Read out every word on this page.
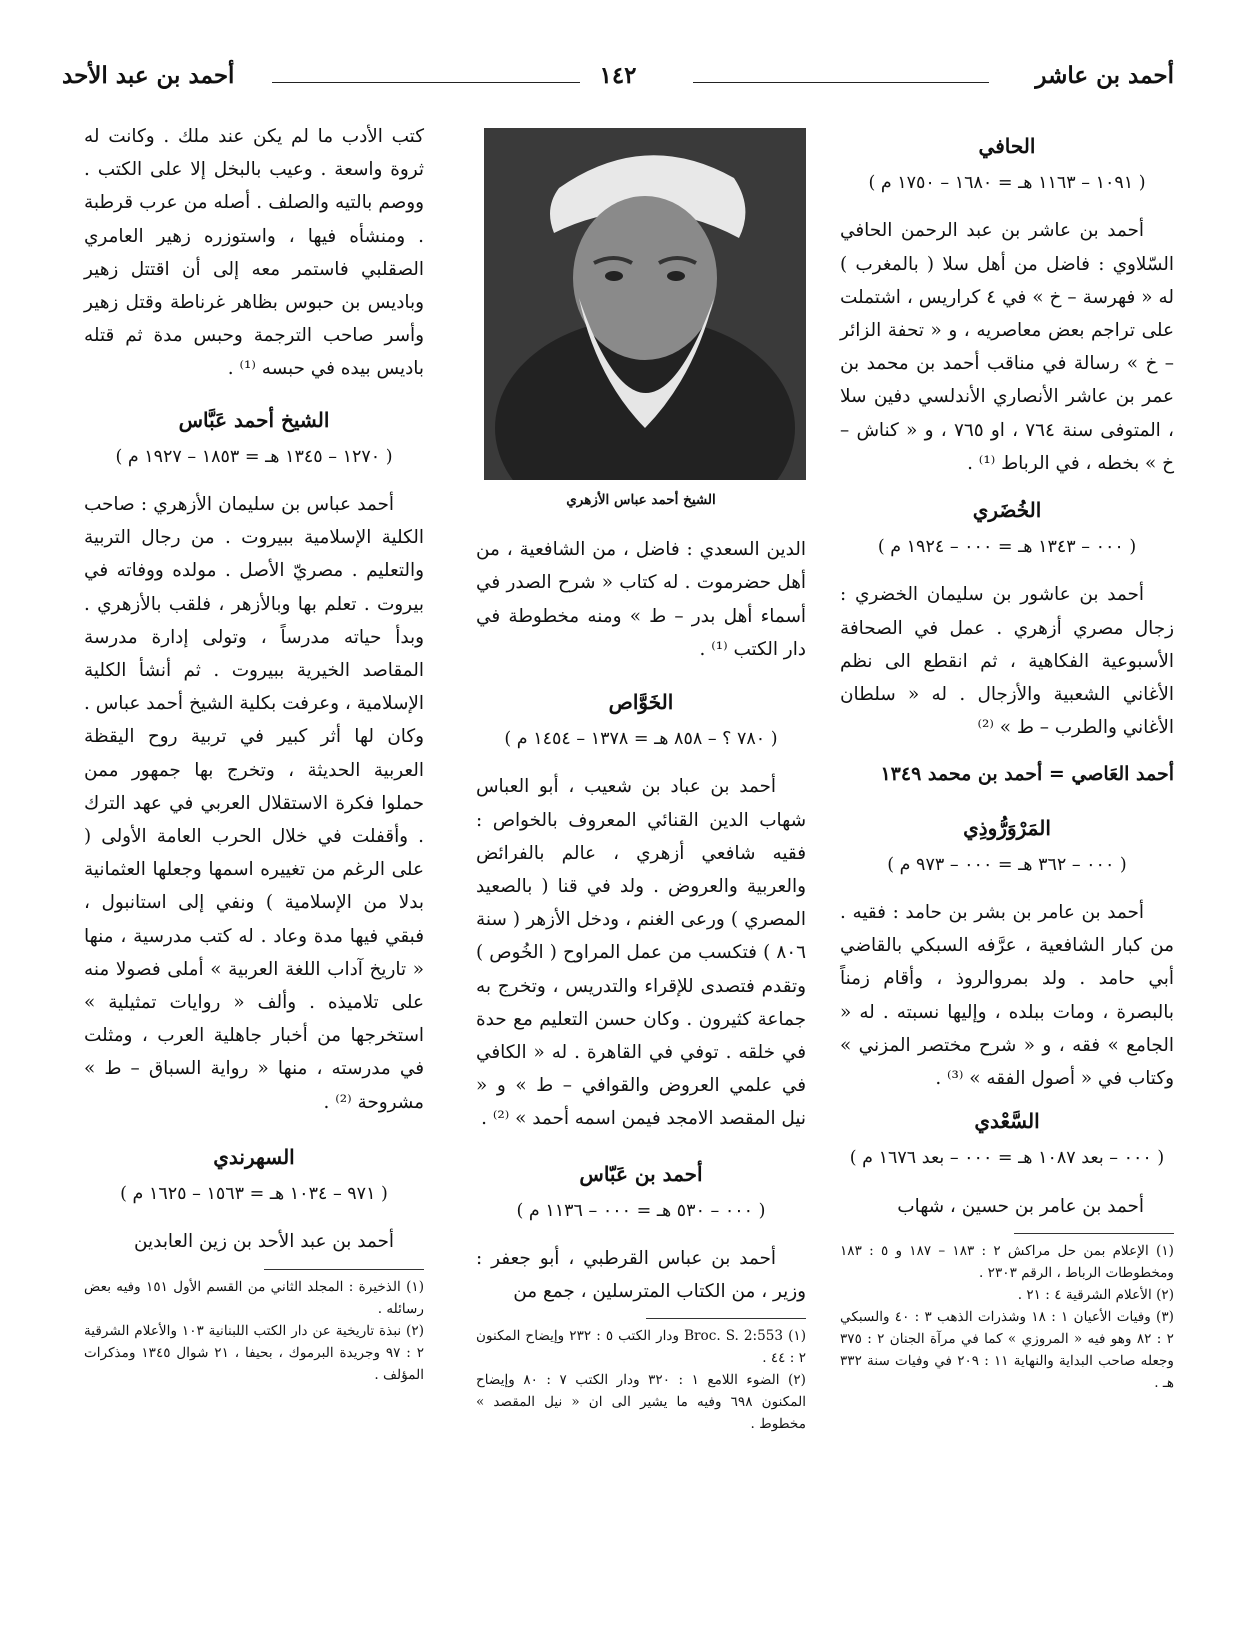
أحمد بن عاشر
١٤٢
أحمد بن عبد الأحد
الحافي
( ١٠٩١ – ١١٦٣ هـ = ١٦٨٠ – ١٧٥٠ م )

أحمد بن عاشر بن عبد الرحمن الحافي السّلاوي : فاضل من أهل سلا ( بالمغرب ) له « فهرسة – خ » في ٤ كراريس ، اشتملت على تراجم بعض معاصريه ، و « تحفة الزائر – خ » رسالة في مناقب أحمد بن محمد بن عمر بن عاشر الأنصاري الأندلسي دفين سلا ، المتوفى سنة ٧٦٤ ، او ٧٦٥ ، و « كناش – خ » بخطه ، في الرباط ⁽¹⁾ .

الخُضَري
( ٠٠٠ – ١٣٤٣ هـ = ٠٠٠ – ١٩٢٤ م )

أحمد بن عاشور بن سليمان الخضري : زجال مصري أزهري . عمل في الصحافة الأسبوعية الفكاهية ، ثم انقطع الى نظم الأغاني الشعبية والأزجال . له « سلطان الأغاني والطرب – ط » ⁽²⁾

أحمد العَاصي = أحمد بن محمد ١٣٤٩

المَرْوَرُّوذِي
( ٠٠٠ – ٣٦٢ هـ = ٠٠٠ – ٩٧٣ م )

أحمد بن عامر بن بشر بن حامد : فقيه . من كبار الشافعية ، عرَّفه السبكي بالقاضي أبي حامد . ولد بمروالروذ ، وأقام زمناً بالبصرة ، ومات ببلده ، وإليها نسبته . له « الجامع » فقه ، و « شرح مختصر المزني » وكتاب في « أصول الفقه » ⁽³⁾ .

السَّعْدي
( ٠٠٠ – بعد ١٠٨٧ هـ = ٠٠٠ – بعد ١٦٧٦ م )

أحمد بن عامر بن حسين ، شهاب

(١) الإعلام بمن حل مراكش ٢ : ١٨٣ – ١٨٧ و ٥ : ١٨٣ ومخطوطات الرباط ، الرقم ٢٣٠٣ .

(٢) الأعلام الشرقية ٤ : ٢١ .

(٣) وفيات الأعيان ١ : ١٨ وشذرات الذهب ٣ : ٤٠ والسبكي ٢ : ٨٢ وهو فيه « المروزي » كما في مرآة الجنان ٢ : ٣٧٥ وجعله صاحب البداية والنهاية ١١ : ٢٠٩ في وفيات سنة ٣٣٢ هـ .

الشيخ أحمد عباس الأزهري

الدين السعدي : فاضل ، من الشافعية ، من أهل حضرموت . له كتاب « شرح الصدر في أسماء أهل بدر – ط » ومنه مخطوطة في دار الكتب ⁽¹⁾ .

الخَوَّاص
( ٧٨٠ ؟ – ٨٥٨ هـ = ١٣٧٨ – ١٤٥٤ م )

أحمد بن عباد بن شعيب ، أبو العباس شهاب الدين القنائي المعروف بالخواص : فقيه شافعي أزهري ، عالم بالفرائض والعربية والعروض . ولد في قنا ( بالصعيد المصري ) ورعى الغنم ، ودخل الأزهر ( سنة ٨٠٦ ) فتكسب من عمل المراوح ( الخُوص ) وتقدم فتصدى للإقراء والتدريس ، وتخرج به جماعة كثيرون . وكان حسن التعليم مع حدة في خلقه . توفي في القاهرة . له « الكافي في علمي العروض والقوافي – ط » و « نيل المقصد الامجد فيمن اسمه أحمد » ⁽²⁾ .

أحمد بن عَبّاس
( ٠٠٠ – ٥٣٠ هـ = ٠٠٠ – ١١٣٦ م )

أحمد بن عباس القرطبي ، أبو جعفر : وزير ، من الكتاب المترسلين ، جمع من

(١) Broc. S. 2:553 ودار الكتب ٥ : ٢٣٢ وإيضاح المكنون ٢ : ٤٤ .

(٢) الضوء اللامع ١ : ٣٢٠ ودار الكتب ٧ : ٨٠ وإيضاح المكنون ٦٩٨ وفيه ما يشير الى ان « نيل المقصد » مخطوط .

كتب الأدب ما لم يكن عند ملك . وكانت له ثروة واسعة . وعيب بالبخل إلا على الكتب . ووصم بالتيه والصلف . أصله من عرب قرطبة . ومنشأه فيها ، واستوزره زهير العامري الصقلبي فاستمر معه إلى أن اقتتل زهير وباديس بن حبوس بظاهر غرناطة وقتل زهير وأسر صاحب الترجمة وحبس مدة ثم قتله باديس بيده في حبسه ⁽¹⁾ .

الشيخ أحمد عَبَّاس
( ١٢٧٠ – ١٣٤٥ هـ = ١٨٥٣ – ١٩٢٧ م )

أحمد عباس بن سليمان الأزهري : صاحب الكلية الإسلامية ببيروت . من رجال التربية والتعليم . مصريّ الأصل . مولده ووفاته في بيروت . تعلم بها وبالأزهر ، فلقب بالأزهري . وبدأ حياته مدرساً ، وتولى إدارة مدرسة المقاصد الخيرية ببيروت . ثم أنشأ الكلية الإسلامية ، وعرفت بكلية الشيخ أحمد عباس . وكان لها أثر كبير في تربية روح اليقظة العربية الحديثة ، وتخرج بها جمهور ممن حملوا فكرة الاستقلال العربي في عهد الترك . وأقفلت في خلال الحرب العامة الأولى ( على الرغم من تغييره اسمها وجعلها العثمانية بدلا من الإسلامية ) ونفي إلى استانبول ، فبقي فيها مدة وعاد . له كتب مدرسية ، منها « تاريخ آداب اللغة العربية » أملى فصولا منه على تلاميذه . وألف « روايات تمثيلية » استخرجها من أخبار جاهلية العرب ، ومثلت في مدرسته ، منها « رواية السباق – ط » مشروحة ⁽²⁾ .

السهرندي
( ٩٧١ – ١٠٣٤ هـ = ١٥٦٣ – ١٦٢٥ م )

أحمد بن عبد الأحد بن زين العابدين

(١) الذخيرة : المجلد الثاني من القسم الأول ١٥١ وفيه بعض رسائله .

(٢) نبذة تاريخية عن دار الكتب اللبنانية ١٠٣ والأعلام الشرقية ٢ : ٩٧ وجريدة البرموك ، بحيفا ، ٢١ شوال ١٣٤٥ ومذكرات المؤلف .
